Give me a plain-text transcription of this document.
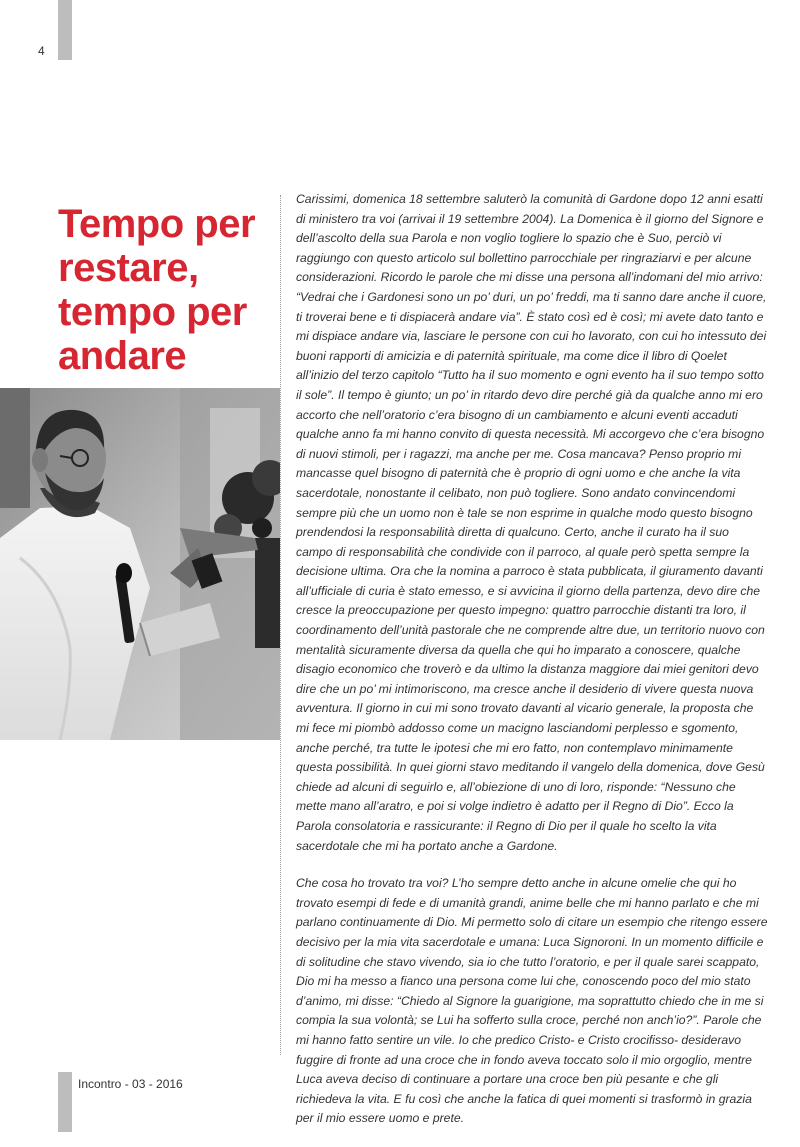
4
Tempo per restare, tempo per andare

Carissimi, domenica 18 settembre saluterò la comunità di Gardone dopo 12 anni esatti di ministero tra voi (arrivai il 19 settembre 2004). La Domenica è il giorno del Signore e dell’ascolto della sua Parola e non voglio togliere lo spazio che è Suo, perciò vi raggiungo con questo articolo sul bollettino parrocchiale per ringraziarvi e per alcune considerazioni. Ricordo le parole che mi disse una persona all’indomani del mio arrivo: “Vedrai che i Gardonesi sono un po’ duri, un po’ freddi, ma ti sanno dare anche il cuore, ti troverai bene e ti dispiacerà andare via”. È stato così ed è così; mi avete dato tanto e mi dispiace andare via, lasciare le persone con cui ho lavorato, con cui ho intessuto dei buoni rapporti di amicizia e di paternità spirituale, ma come dice il libro di Qoelet all’inizio del terzo capitolo “Tutto ha il suo momento e ogni evento ha il suo tempo sotto il sole”. Il tempo è giunto; un po’ in ritardo devo dire perché già da qualche anno mi ero accorto che nell’oratorio c’era bisogno di un cambiamento e alcuni eventi accaduti qualche anno fa mi hanno convito di questa necessità. Mi accorgevo che c’era bisogno di nuovi stimoli, per i ragazzi, ma anche per me. Cosa mancava? Penso proprio mi mancasse quel bisogno di paternità che è proprio di ogni uomo e che anche la vita sacerdotale, nonostante il celibato, non può togliere. Sono andato convincendomi sempre più che un uomo non è tale se non esprime in qualche modo questo bisogno prendendosi la responsabilità diretta di qualcuno. Certo, anche il curato ha il suo campo di responsabilità che condivide con il parroco, al quale però spetta sempre la decisione ultima. Ora che la nomina a parroco è stata pubblicata, il giuramento davanti all’ufficiale di curia è stato emesso, e si avvicina il giorno della partenza, devo dire che cresce la preoccupazione per questo impegno: quattro parrocchie distanti tra loro, il coordinamento dell’unità pastorale che ne comprende altre due, un territorio nuovo con mentalità sicuramente diversa da quella che qui ho imparato a conoscere, qualche disagio economico che troverò e da ultimo la distanza maggiore dai miei genitori devo dire che un po’ mi intimoriscono, ma cresce anche il desiderio di vivere questa nuova avventura. Il giorno in cui mi sono trovato davanti al vicario generale, la proposta che mi fece mi piombò addosso come un macigno lasciandomi perplesso e sgomento, anche perché, tra tutte le ipotesi che mi ero fatto, non contemplavo minimamente questa possibilità. In quei giorni stavo meditando il vangelo della domenica, dove Gesù chiede ad alcuni di seguirlo e, all’obiezione di uno di loro, risponde: “Nessuno che mette mano all’aratro, e poi si volge indietro è adatto per il Regno di Dio”. Ecco la Parola consolatoria e rassicurante: il Regno di Dio per il quale ho scelto la vita sacerdotale che mi ha portato anche a Gardone.

Che cosa ho trovato tra voi? L’ho sempre detto anche in alcune omelie che qui ho trovato esempi di fede e di umanità grandi, anime belle che mi hanno parlato e che mi parlano continuamente di Dio. Mi permetto solo di citare un esempio che ritengo essere decisivo per la mia vita sacerdotale e umana: Luca Signoroni. In un momento difficile e di solitudine che stavo vivendo, sia io che tutto l’oratorio, e per il quale sarei scappato, Dio mi ha messo a fianco una persona come lui che, conoscendo poco del mio stato d’animo, mi disse: “Chiedo al Signore la guarigione, ma soprattutto chiedo che in me si compia la sua volontà; se Lui ha sofferto sulla croce, perché non anch’io?”. Parole che mi hanno fatto sentire un vile. Io che predico Cristo- e Cristo crocifisso- desideravo fuggire di fronte ad una croce che in fondo aveva toccato solo il mio orgoglio, mentre Luca aveva deciso di continuare a portare una croce ben più pesante e che gli richiedeva la vita. E fu così che anche la fatica di quei momenti si trasformò in grazia per il mio essere uomo e prete.

Incontro - 03 - 2016
